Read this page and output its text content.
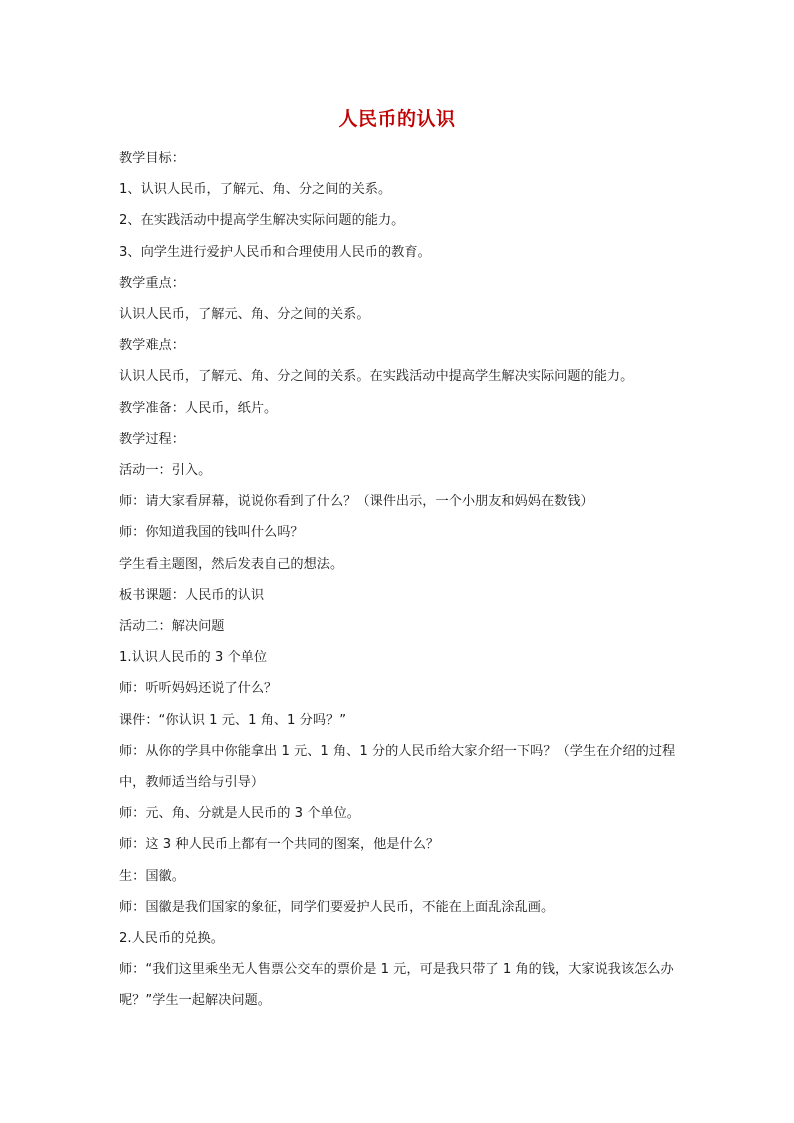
人民币的认识

教学目标：

1、认识人民币，了解元、角、分之间的关系。

2、在实践活动中提高学生解决实际问题的能力。

3、向学生进行爱护人民币和合理使用人民币的教育。

教学重点：

认识人民币，了解元、角、分之间的关系。

教学难点：

认识人民币，了解元、角、分之间的关系。在实践活动中提高学生解决实际问题的能力。

教学准备：人民币，纸片。

教学过程：

活动一：引入。

师：请大家看屏幕，说说你看到了什么？（课件出示，一个小朋友和妈妈在数钱）

师：你知道我国的钱叫什么吗？

学生看主题图，然后发表自己的想法。

板书课题：人民币的认识

活动二：解决问题

1.认识人民币的 3 个单位

师：听听妈妈还说了什么？

课件：“你认识 1 元、1 角、1 分吗？”

师：从你的学具中你能拿出 1 元、1 角、1 分的人民币给大家介绍一下吗？（学生在介绍的过程中，教师适当给与引导）

师：元、角、分就是人民币的 3 个单位。

师：这 3 种人民币上都有一个共同的图案，他是什么？

生：国徽。

师：国徽是我们国家的象征，同学们要爱护人民币，不能在上面乱涂乱画。

2.人民币的兑换。

师：“我们这里乘坐无人售票公交车的票价是 1 元，可是我只带了 1 角的钱，大家说我该怎么办呢？”学生一起解决问题。
